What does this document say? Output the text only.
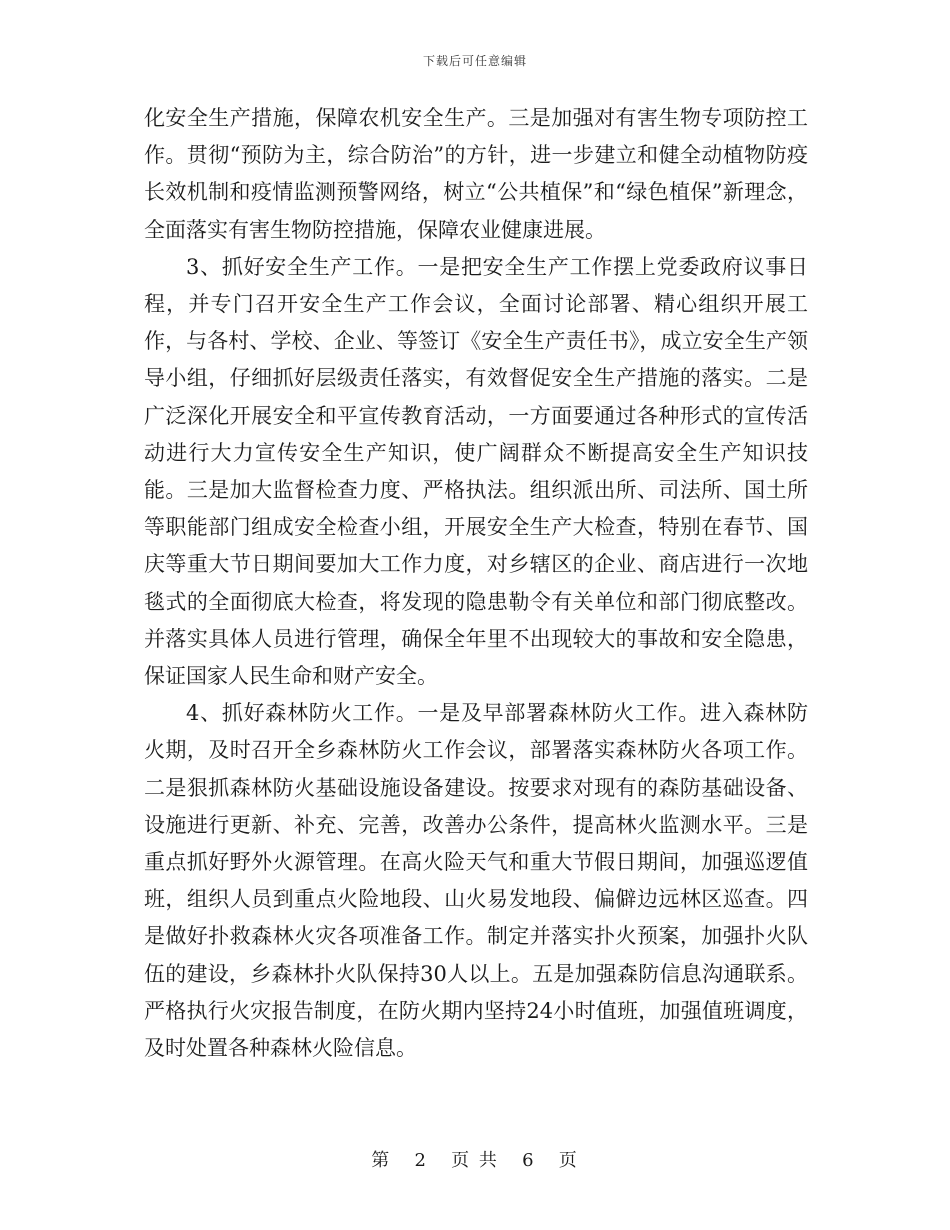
下载后可任意编辑

化安全生产措施，保障农机安全生产。三是加强对有害生物专项防控工作。贯彻“预防为主，综合防治”的方针，进一步建立和健全动植物防疫长效机制和疫情监测预警网络，树立“公共植保”和“绿色植保”新理念，全面落实有害生物防控措施，保障农业健康进展。

3、抓好安全生产工作。一是把安全生产工作摆上党委政府议事日程，并专门召开安全生产工作会议，全面讨论部署、精心组织开展工作，与各村、学校、企业、等签订《安全生产责任书》，成立安全生产领导小组，仔细抓好层级责任落实，有效督促安全生产措施的落实。二是广泛深化开展安全和平宣传教育活动，一方面要通过各种形式的宣传活动进行大力宣传安全生产知识，使广阔群众不断提高安全生产知识技能。三是加大监督检查力度、严格执法。组织派出所、司法所、国土所等职能部门组成安全检查小组，开展安全生产大检查，特别在春节、国庆等重大节日期间要加大工作力度，对乡辖区的企业、商店进行一次地毯式的全面彻底大检查，将发现的隐患勒令有关单位和部门彻底整改。并落实具体人员进行管理，确保全年里不出现较大的事故和安全隐患，保证国家人民生命和财产安全。

4、抓好森林防火工作。一是及早部署森林防火工作。进入森林防火期，及时召开全乡森林防火工作会议，部署落实森林防火各项工作。二是狠抓森林防火基础设施设备建设。按要求对现有的森防基础设备、设施进行更新、补充、完善，改善办公条件，提高林火监测水平。三是重点抓好野外火源管理。在高火险天气和重大节假日期间，加强巡逻值班，组织人员到重点火险地段、山火易发地段、偏僻边远林区巡查。四是做好扑救森林火灾各项准备工作。制定并落实扑火预案，加强扑火队伍的建设，乡森林扑火队保持30人以上。五是加强森防信息沟通联系。严格执行火灾报告制度，在防火期内坚持24小时值班，加强值班调度，及时处置各种森林火险信息。

第 2 页 共 6 页
